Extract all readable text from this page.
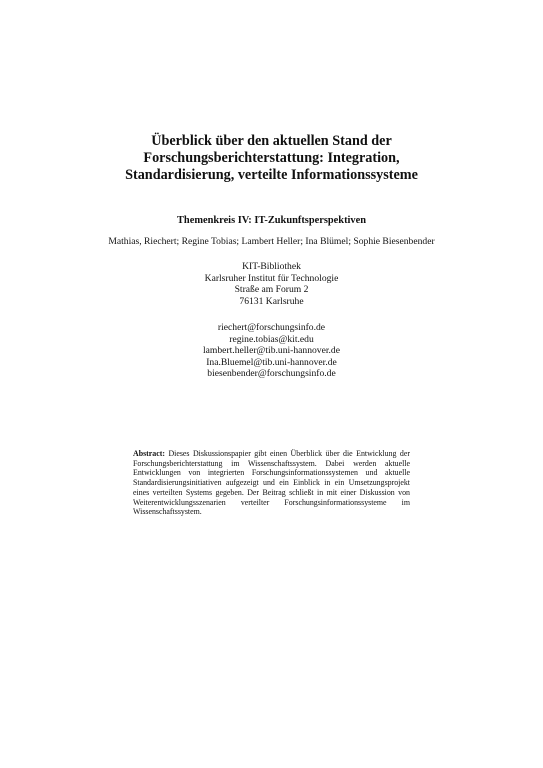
Überblick über den aktuellen Stand der
Forschungsberichterstattung: Integration,
Standardisierung, verteilte Informationssysteme
Themenkreis IV: IT-Zukunftsperspektiven
Mathias, Riechert; Regine Tobias; Lambert Heller; Ina Blümel; Sophie Biesenbender
KIT-Bibliothek
Karlsruher Institut für Technologie
Straße am Forum 2
76131 Karlsruhe
riechert@forschungsinfo.de
regine.tobias@kit.edu
lambert.heller@tib.uni-hannover.de
Ina.Bluemel@tib.uni-hannover.de
biesenbender@forschungsinfo.de
Abstract: Dieses Diskussionspapier gibt einen Überblick über die Entwicklung der Forschungsberichterstattung im Wissenschaftssystem. Dabei werden aktuelle Entwicklungen von integrierten Forschungsinformationssystemen und aktuelle Standardisierungsinitiativen aufgezeigt und ein Einblick in ein Umsetzungsprojekt eines verteilten Systems gegeben. Der Beitrag schließt in mit einer Diskussion von Weiterentwicklungsszenarien verteilter Forschungsinformationssysteme im Wissenschaftssystem.
